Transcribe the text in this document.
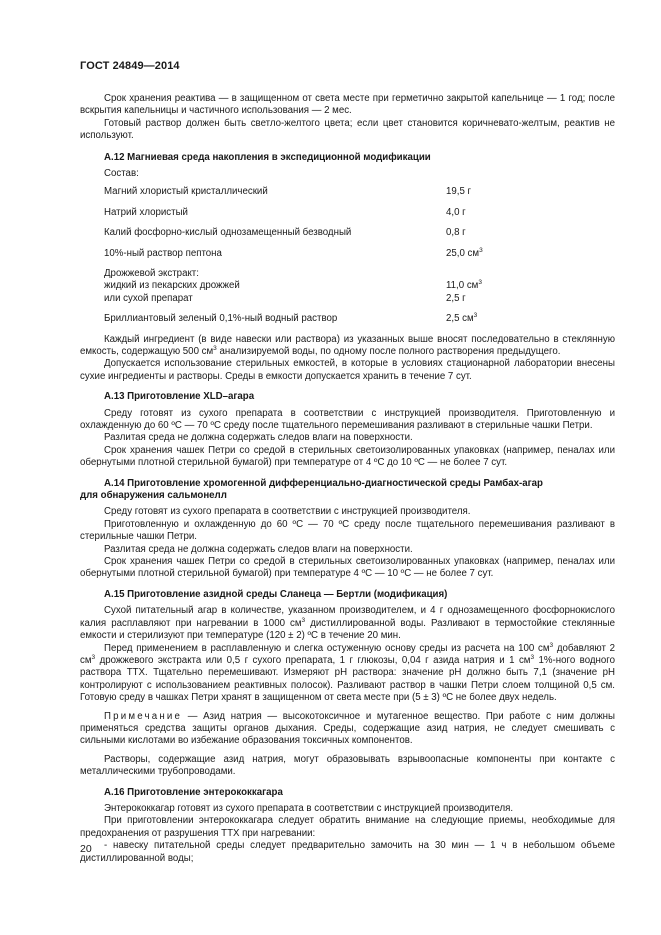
ГОСТ 24849—2014

Срок хранения реактива — в защищенном от света месте при герметично закрытой капельнице — 1 год; после вскрытия капельницы и частичного использования — 2 мес.

Готовый раствор должен быть светло-желтого цвета; если цвет становится коричневато-желтым, реактив не используют.

А.12 Магниевая среда накопления в экспедиционной модификации

Состав:

Магний хлористый кристаллический	19,5 г
Натрий хлористый	4,0 г
Калий фосфорно-кислый однозамещенный безводный	0,8 г
10%-ный раствор пептона	25,0 $см^3$
Дрожжевой экстракт:
жидкий из пекарских дрожжей	11,0 $см^3$
или сухой препарат	2,5 г
Бриллиантовый зеленый 0,1%-ный водный раствор	2,5 $см^3$

Каждый ингредиент (в виде навески или раствора) из указанных выше вносят последовательно в стеклянную емкость, содержащую 500 $см^3$ анализируемой воды, по одному после полного растворения предыдущего.

Допускается использование стерильных емкостей, в которые в условиях стационарной лаборатории внесены сухие ингредиенты и растворы. Среды в емкости допускается хранить в течение 7 сут.

А.13 Приготовление XLD–агара

Среду готовят из сухого препарата в соответствии с инструкцией производителя. Приготовленную и охлажденную до 60 ºС — 70 ºС среду после тщательного перемешивания разливают в стерильные чашки Петри.

Разлитая среда не должна содержать следов влаги на поверхности.

Срок хранения чашек Петри со средой в стерильных светоизолированных упаковках (например, пеналах или обернутыми плотной стерильной бумагой) при температуре от 4 ºС до 10 ºС — не более 7 сут.

А.14 Приготовление хромогенной дифференциально-диагностической среды Рамбах-агар

для обнаружения сальмонелл

Среду готовят из сухого препарата в соответствии с инструкцией производителя.

Приготовленную и охлажденную до 60 ºС — 70 ºС среду после тщательного перемешивания разливают в стерильные чашки Петри.

Разлитая среда не должна содержать следов влаги на поверхности.

Срок хранения чашек Петри со средой в стерильных светоизолированных упаковках (например, пеналах или обернутыми плотной стерильной бумагой) при температуре 4 ºС — 10 ºС — не более 7 сут.

А.15 Приготовление азидной среды Сланеца — Бертли (модификация)

Сухой питательный агар в количестве, указанном производителем, и 4 г однозамещенного фосфорнокислого калия расплавляют при нагревании в 1000 $см^3$ дистиллированной воды. Разливают в термостойкие стеклянные емкости и стерилизуют при температуре (120 ± 2) ºС в течение 20 мин.

Перед применением в расплавленную и слегка остуженную основу среды из расчета на 100 $см^3$ добавляют 2 $см^3$ дрожжевого экстракта или 0,5 г сухого препарата, 1 г глюкозы, 0,04 г азида натрия и 1 $см^3$ 1%-ного водного раствора ТТХ. Тщательно перемешивают. Измеряют pH раствора: значение pH должно быть 7,1 (значение pH контролируют с использованием реактивных полосок). Разливают раствор в чашки Петри слоем толщиной 0,5 см. Готовую среду в чашках Петри хранят в защищенном от света месте при (5 ± 3) ºС не более двух недель.

Примечание — Азид натрия — высокотоксичное и мутагенное вещество. При работе с ним должны применяться средства защиты органов дыхания. Среды, содержащие азид натрия, не следует смешивать с сильными кислотами во избежание образования токсичных компонентов.

Растворы, содержащие азид натрия, могут образовывать взрывоопасные компоненты при контакте с металлическими трубопроводами.

А.16 Приготовление энтерококкагара

Энтерококкагар готовят из сухого препарата в соответствии с инструкцией производителя.

При приготовлении энтерококкагара следует обратить внимание на следующие приемы, необходимые для предохранения от разрушения ТТХ при нагревании:

- навеску питательной среды следует предварительно замочить на 30 мин — 1 ч в небольшом объеме дистиллированной воды;

20
